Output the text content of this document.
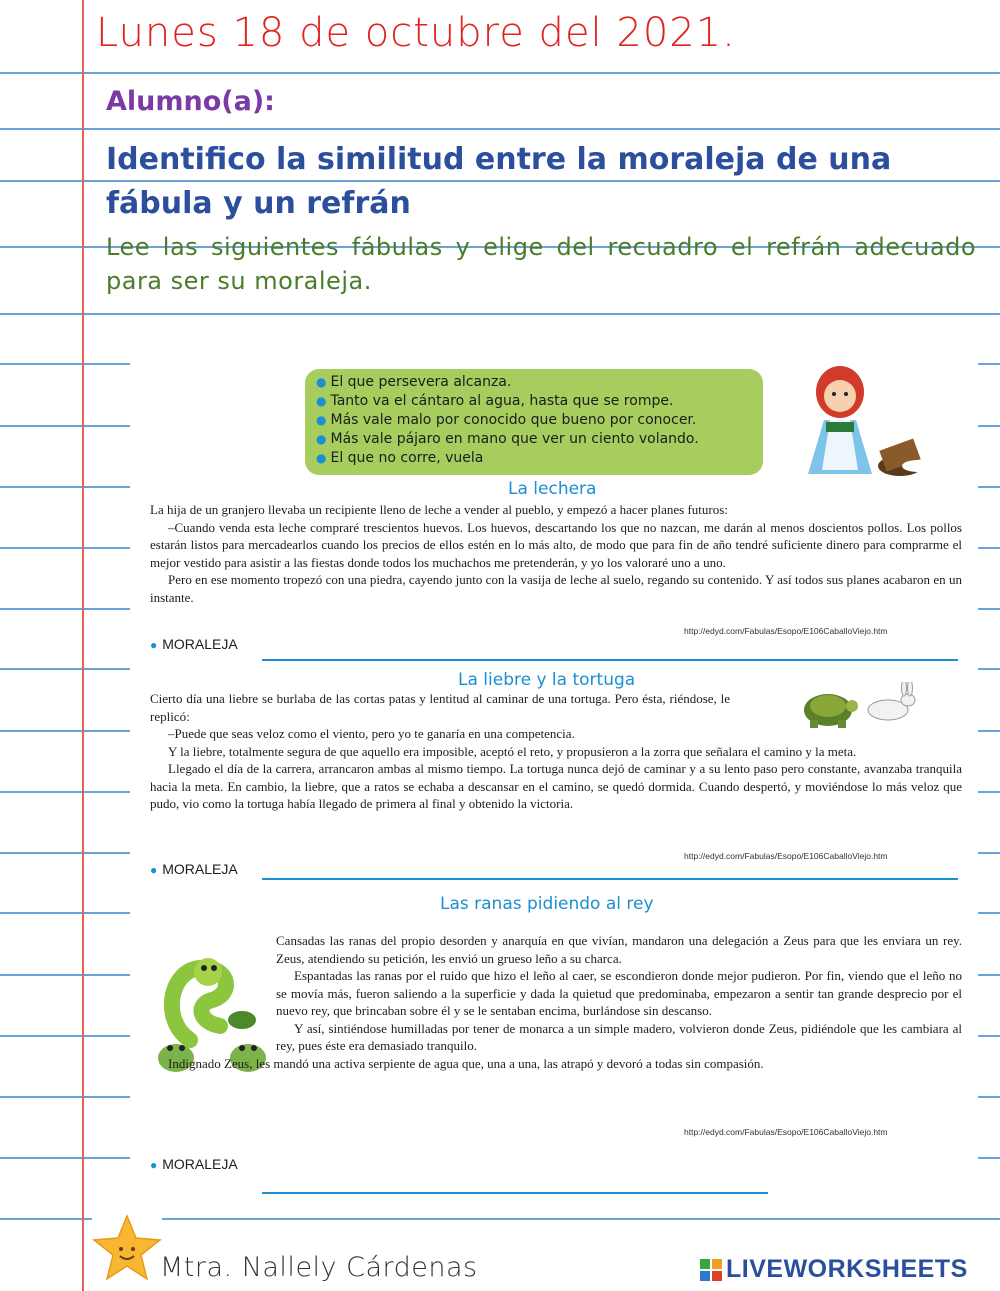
Lunes 18 de octubre del 2021.
Alumno(a):
Identifico la similitud entre la moraleja de una fábula y un refrán
Lee las siguientes fábulas y elige del recuadro el refrán adecuado para ser su moraleja.
● El que persevera alcanza.
● Tanto va el cántaro al agua, hasta que se rompe.
● Más vale malo por conocido que bueno por conocer.
● Más vale pájaro en mano que ver un ciento volando.
● El que no corre, vuela
La lechera

La hija de un granjero llevaba un recipiente lleno de leche a vender al pueblo, y empezó a hacer planes futuros:

–Cuando venda esta leche compraré trescientos huevos. Los huevos, descartando los que no nazcan, me darán al menos doscientos pollos. Los pollos estarán listos para mercadearlos cuando los precios de ellos estén en lo más alto, de modo que para fin de año tendré suficiente dinero para comprarme el mejor vestido para asistir a las fiestas donde todos los muchachos me pretenderán, y yo los valoraré uno a uno.

Pero en ese momento tropezó con una piedra, cayendo junto con la vasija de leche al suelo, regando su contenido. Y así todos sus planes acabaron en un instante.

http://edyd.com/Fabulas/Esopo/E106CaballoViejo.htm
● MORALEJA
La liebre y la tortuga

Cierto día una liebre se burlaba de las cortas patas y lentitud al caminar de una tortuga. Pero ésta, riéndose, le replicó:

–Puede que seas veloz como el viento, pero yo te ganaría en una competencia.

Y la liebre, totalmente segura de que aquello era imposible, aceptó el reto, y propusieron a la zorra que señalara el camino y la meta.

Llegado el día de la carrera, arrancaron ambas al mismo tiempo. La tortuga nunca dejó de caminar y a su lento paso pero constante, avanzaba tranquila hacia la meta. En cambio, la liebre, que a ratos se echaba a descansar en el camino, se quedó dormida. Cuando despertó, y moviéndose lo más veloz que pudo, vio como la tortuga había llegado de primera al final y obtenido la victoria.

http://edyd.com/Fabulas/Esopo/E106CaballoViejo.htm
● MORALEJA
Las ranas pidiendo al rey

Cansadas las ranas del propio desorden y anarquía en que vivían, mandaron una delegación a Zeus para que les enviara un rey. Zeus, atendiendo su petición, les envió un grueso leño a su charca.

Espantadas las ranas por el ruido que hizo el leño al caer, se escondieron donde mejor pudieron. Por fin, viendo que el leño no se movía más, fueron saliendo a la superficie y dada la quietud que predominaba, empezaron a sentir tan grande desprecio por el nuevo rey, que brincaban sobre él y se le sentaban encima, burlándose sin descanso.

Y así, sintiéndose humilladas por tener de monarca a un simple madero, volvieron donde Zeus, pidiéndole que les cambiara al rey, pues éste era demasiado tranquilo.

Indignado Zeus, les mandó una activa serpiente de agua que, una a una, las atrapó y devoró a todas sin compasión.

http://edyd.com/Fabulas/Esopo/E106CaballoViejo.htm
● MORALEJA
Mtra. Nallely Cárdenas	LIVEWORKSHEETS
